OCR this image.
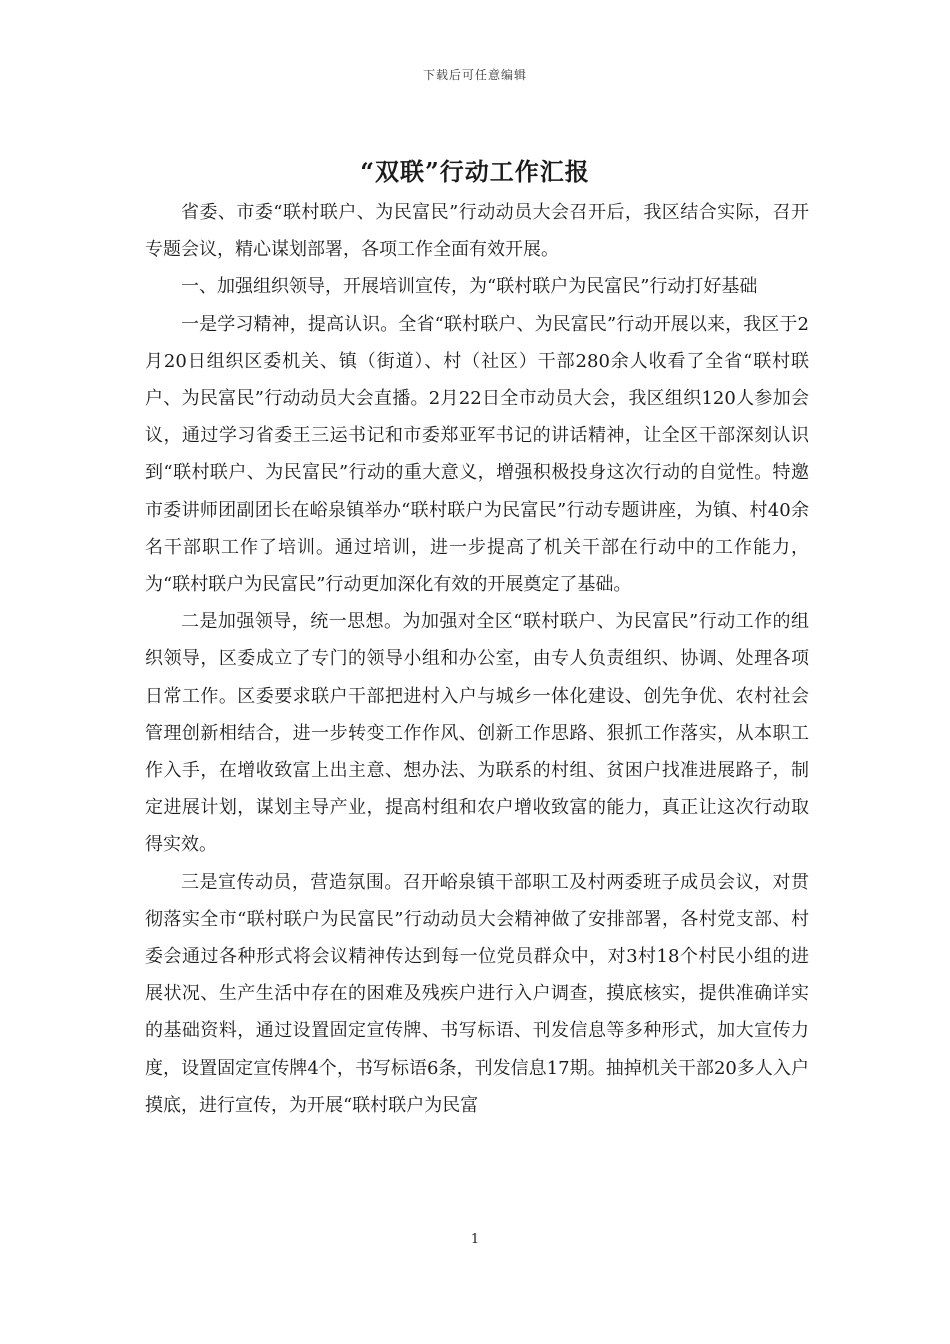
下载后可任意编辑
“双联”行动工作汇报

省委、市委“联村联户、为民富民”行动动员大会召开后，我区结合实际，召开专题会议，精心谋划部署，各项工作全面有效开展。

一、加强组织领导，开展培训宣传，为“联村联户为民富民”行动打好基础

一是学习精神，提高认识。全省“联村联户、为民富民”行动开展以来，我区于2月20日组织区委机关、镇（街道）、村（社区）干部280余人收看了全省“联村联户、为民富民”行动动员大会直播。2月22日全市动员大会，我区组织120人参加会议，通过学习省委王三运书记和市委郑亚军书记的讲话精神，让全区干部深刻认识到“联村联户、为民富民”行动的重大意义，增强积极投身这次行动的自觉性。特邀市委讲师团副团长在峪泉镇举办“联村联户为民富民”行动专题讲座，为镇、村40余名干部职工作了培训。通过培训，进一步提高了机关干部在行动中的工作能力，为“联村联户为民富民”行动更加深化有效的开展奠定了基础。

二是加强领导，统一思想。为加强对全区“联村联户、为民富民”行动工作的组织领导，区委成立了专门的领导小组和办公室，由专人负责组织、协调、处理各项日常工作。区委要求联户干部把进村入户与城乡一体化建设、创先争优、农村社会管理创新相结合，进一步转变工作作风、创新工作思路、狠抓工作落实，从本职工作入手，在增收致富上出主意、想办法、为联系的村组、贫困户找准进展路子，制定进展计划，谋划主导产业，提高村组和农户增收致富的能力，真正让这次行动取得实效。

三是宣传动员，营造氛围。召开峪泉镇干部职工及村两委班子成员会议，对贯彻落实全市“联村联户为民富民”行动动员大会精神做了安排部署，各村党支部、村委会通过各种形式将会议精神传达到每一位党员群众中，对3村18个村民小组的进展状况、生产生活中存在的困难及残疾户进行入户调查，摸底核实，提供准确详实的基础资料，通过设置固定宣传牌、书写标语、刊发信息等多种形式，加大宣传力度，设置固定宣传牌4个，书写标语6条，刊发信息17期。抽掉机关干部20多人入户摸底，进行宣传，为开展“联村联户为民富

1
